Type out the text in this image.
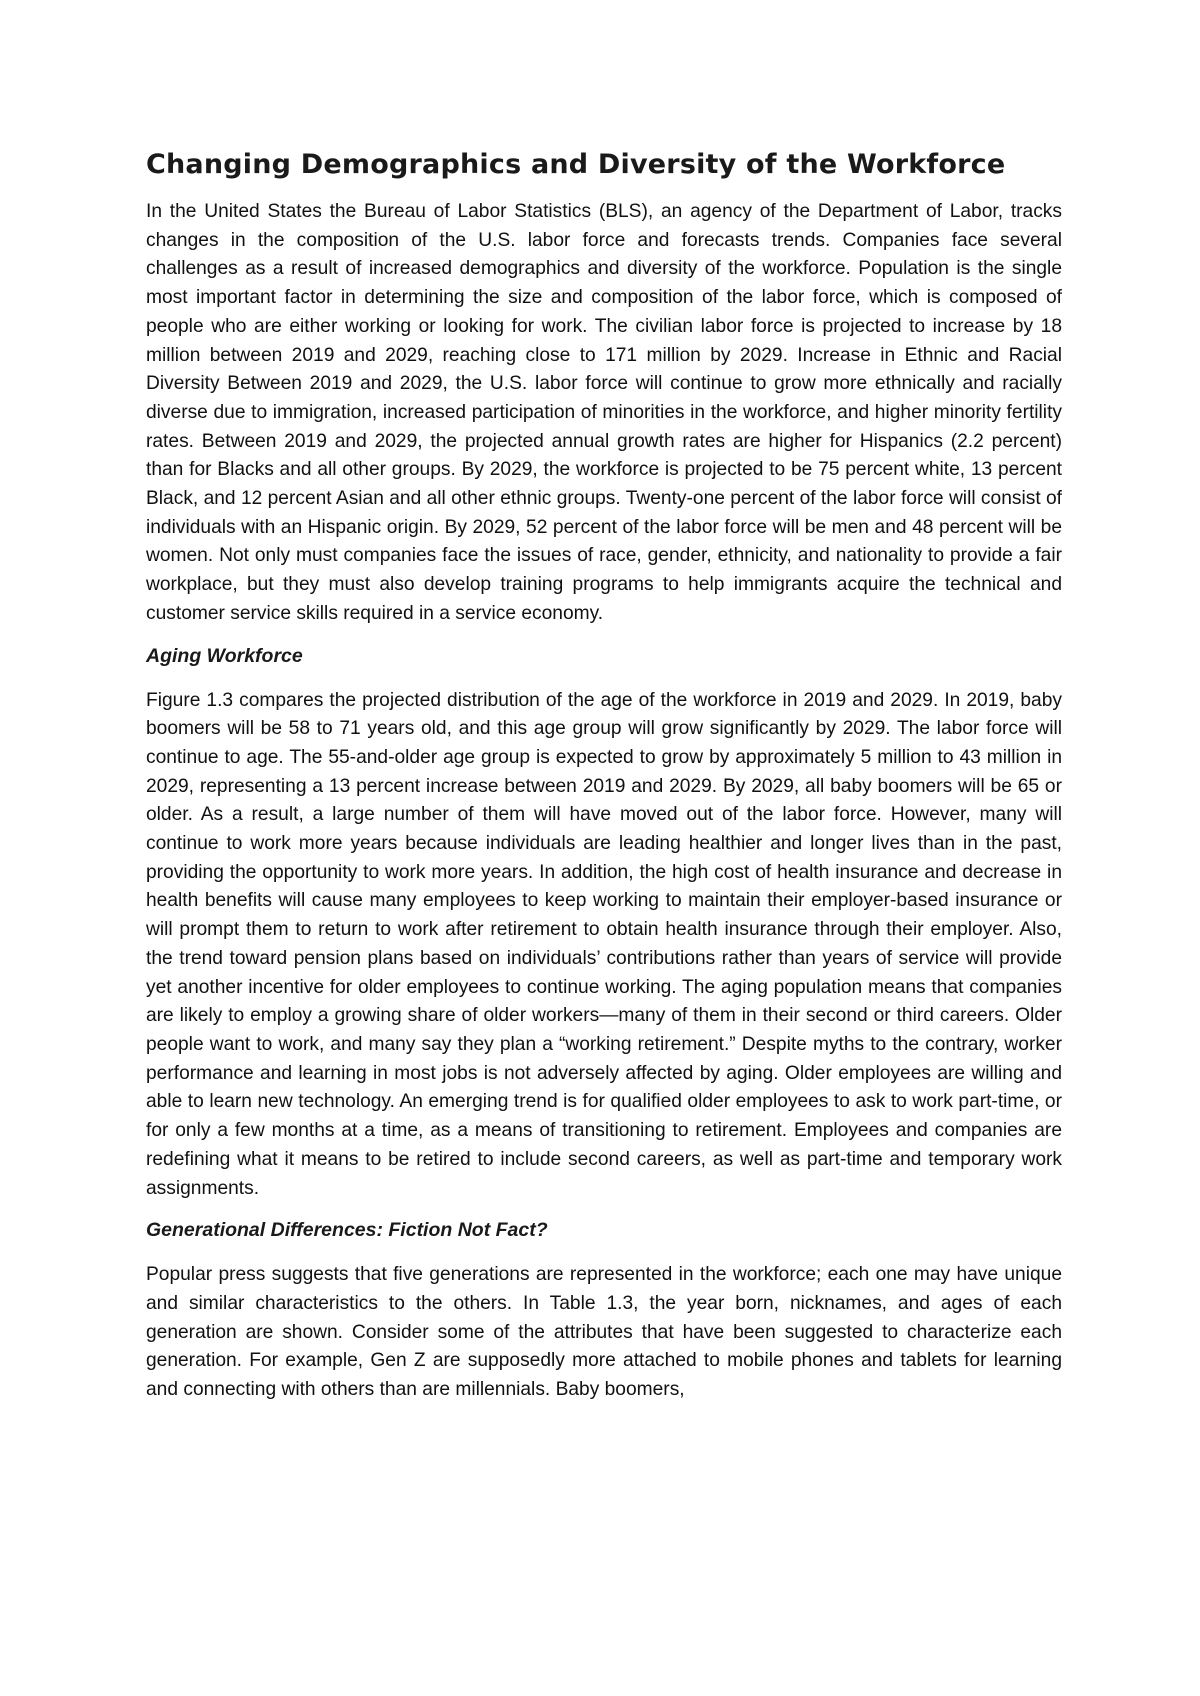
Changing Demographics and Diversity of the Workforce

In the United States the Bureau of Labor Statistics (BLS), an agency of the Department of Labor, tracks changes in the composition of the U.S. labor force and forecasts trends. Companies face several challenges as a result of increased demographics and diversity of the workforce. Population is the single most important factor in determining the size and composition of the labor force, which is composed of people who are either working or looking for work. The civilian labor force is projected to increase by 18 million between 2019 and 2029, reaching close to 171 million by 2029. Increase in Ethnic and Racial Diversity Between 2019 and 2029, the U.S. labor force will continue to grow more ethnically and racially diverse due to immigration, increased participation of minorities in the workforce, and higher minority fertility rates. Between 2019 and 2029, the projected annual growth rates are higher for Hispanics (2.2 percent) than for Blacks and all other groups. By 2029, the workforce is projected to be 75 percent white, 13 percent Black, and 12 percent Asian and all other ethnic groups. Twenty-one percent of the labor force will consist of individuals with an Hispanic origin. By 2029, 52 percent of the labor force will be men and 48 percent will be women. Not only must companies face the issues of race, gender, ethnicity, and nationality to provide a fair workplace, but they must also develop training programs to help immigrants acquire the technical and customer service skills required in a service economy.

Aging Workforce

Figure 1.3 compares the projected distribution of the age of the workforce in 2019 and 2029. In 2019, baby boomers will be 58 to 71 years old, and this age group will grow significantly by 2029. The labor force will continue to age. The 55-and-older age group is expected to grow by approximately 5 million to 43 million in 2029, representing a 13 percent increase between 2019 and 2029. By 2029, all baby boomers will be 65 or older. As a result, a large number of them will have moved out of the labor force. However, many will continue to work more years because individuals are leading healthier and longer lives than in the past, providing the opportunity to work more years. In addition, the high cost of health insurance and decrease in health benefits will cause many employees to keep working to maintain their employer-based insurance or will prompt them to return to work after retirement to obtain health insurance through their employer. Also, the trend toward pension plans based on individuals’ contributions rather than years of service will provide yet another incentive for older employees to continue working. The aging population means that companies are likely to employ a growing share of older workers—many of them in their second or third careers. Older people want to work, and many say they plan a “working retirement.” Despite myths to the contrary, worker performance and learning in most jobs is not adversely affected by aging. Older employees are willing and able to learn new technology. An emerging trend is for qualified older employees to ask to work part-time, or for only a few months at a time, as a means of transitioning to retirement. Employees and companies are redefining what it means to be retired to include second careers, as well as part-time and temporary work assignments.

Generational Differences: Fiction Not Fact?

Popular press suggests that five generations are represented in the workforce; each one may have unique and similar characteristics to the others. In Table 1.3, the year born, nicknames, and ages of each generation are shown. Consider some of the attributes that have been suggested to characterize each generation. For example, Gen Z are supposedly more attached to mobile phones and tablets for learning and connecting with others than are millennials. Baby boomers,
